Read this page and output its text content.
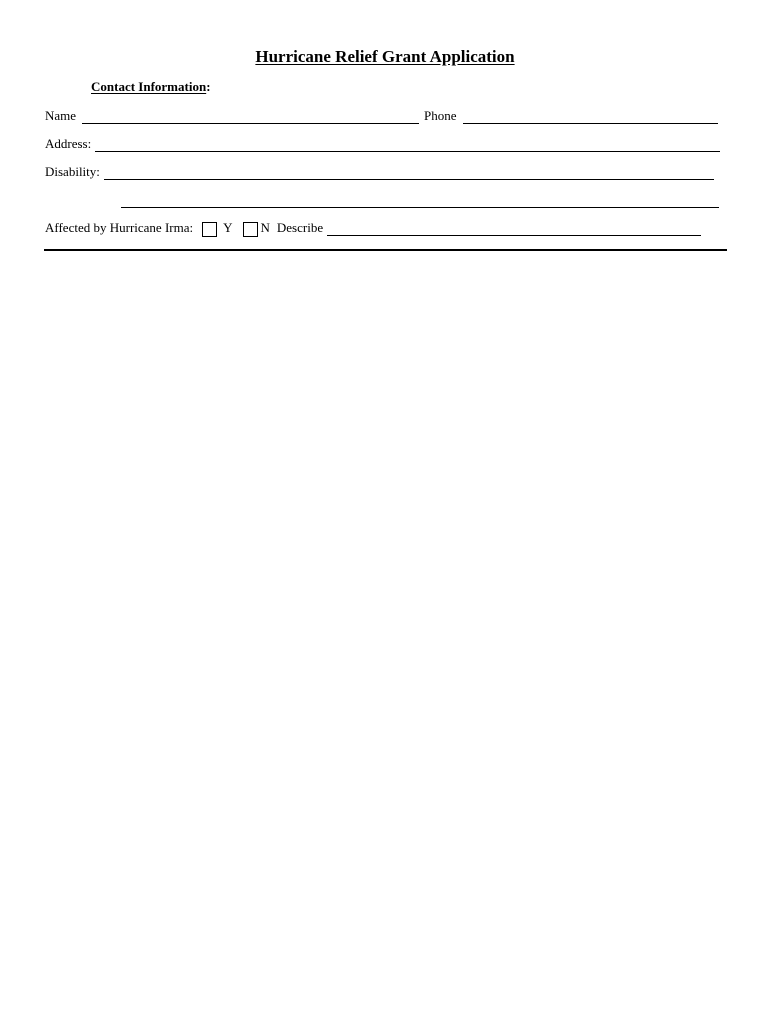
Hurricane Relief Grant Application
Contact Information:
Name	Phone
Address:
Disability:
Affected by Hurricane Irma: Y N Describe
